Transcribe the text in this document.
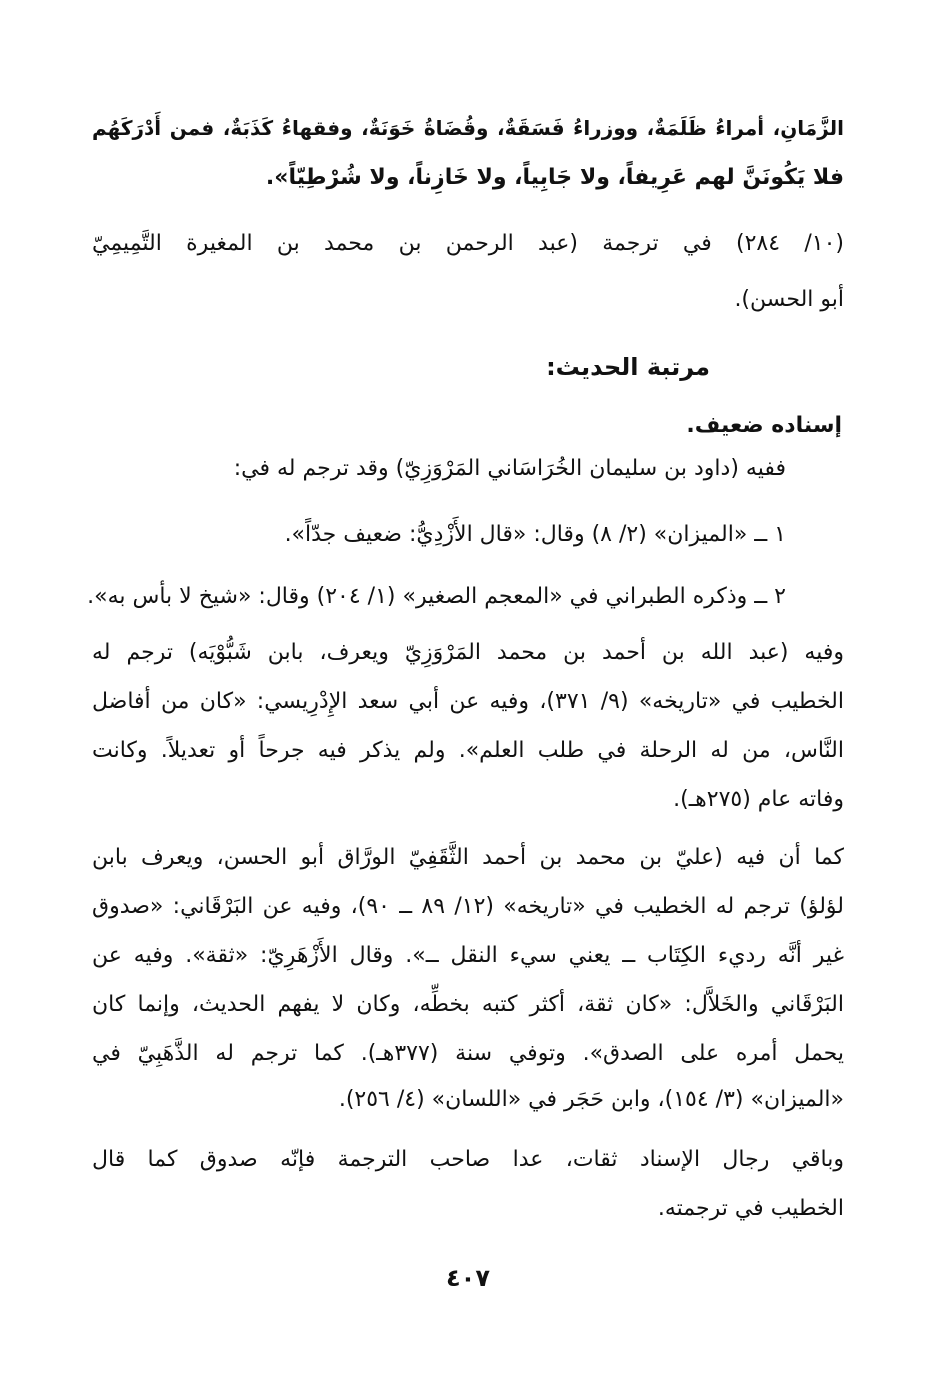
الزَّمَانِ، أمراءُ ظَلَمَةٌ، ووزراءُ فَسَقَةٌ، وقُضَاةُ خَوَنَةٌ، وفقهاءُ كَذَبَةٌ، فمن أَدْرَكَهُم
فلا يَكُونَنَّ لهم عَرِيفاً، ولا جَابِياً، ولا خَازِناً، ولا شُرْطِيّاً».
(١٠/ ٢٨٤) في ترجمة (عبد الرحمن بن محمد بن المغيرة التَّمِيمِيّ
أبو الحسن).
مرتبة الحديث:
إسناده ضعيف.
ففيه (داود بن سليمان الخُرَاسَاني المَرْوَزِيّ) وقد ترجم له في:
١ ــ «الميزان» (٢/ ٨) وقال: «قال الأَزْدِيُّ: ضعيف جدّاً».
٢ ــ وذكره الطبراني في «المعجم الصغير» (١/ ٢٠٤) وقال: «شيخ لا بأس به».
وفيه (عبد الله بن أحمد بن محمد المَرْوَزِيّ ويعرف، بابن شَبُّوْيَه) ترجم له
الخطيب في «تاريخه» (٩/ ٣٧١)، وفيه عن أبي سعد الإِدْرِيسي: «كان من أفاضل
النَّاس، من له الرحلة في طلب العلم». ولم يذكر فيه جرحاً أو تعديلاً. وكانت
وفاته عام (٢٧٥هـ).
كما أن فيه (عليّ بن محمد بن أحمد الثَّقَفِيّ الورَّاق أبو الحسن، ويعرف بابن
لؤلؤ) ترجم له الخطيب في «تاريخه» (١٢/ ٨٩ ــ ٩٠)، وفيه عن البَرْقَاني: «صدوق
غير أنَّه رديء الكِتَاب ــ يعني سيء النقل ــ». وقال الأَزْهَرِيّ: «ثقة». وفيه عن
البَرْقَاني والخَلاَّل: «كان ثقة، أكثر كتبه بخطِّه، وكان لا يفهم الحديث، وإنما كان
يحمل أمره على الصدق». وتوفي سنة (٣٧٧هـ). كما ترجم له الذَّهَبِيّ في
«الميزان» (٣/ ١٥٤)، وابن حَجَر في «اللسان» (٤/ ٢٥٦).
وباقي رجال الإسناد ثقات، عدا صاحب الترجمة فإنّه صدوق كما قال
الخطيب في ترجمته.
٤٠٧
